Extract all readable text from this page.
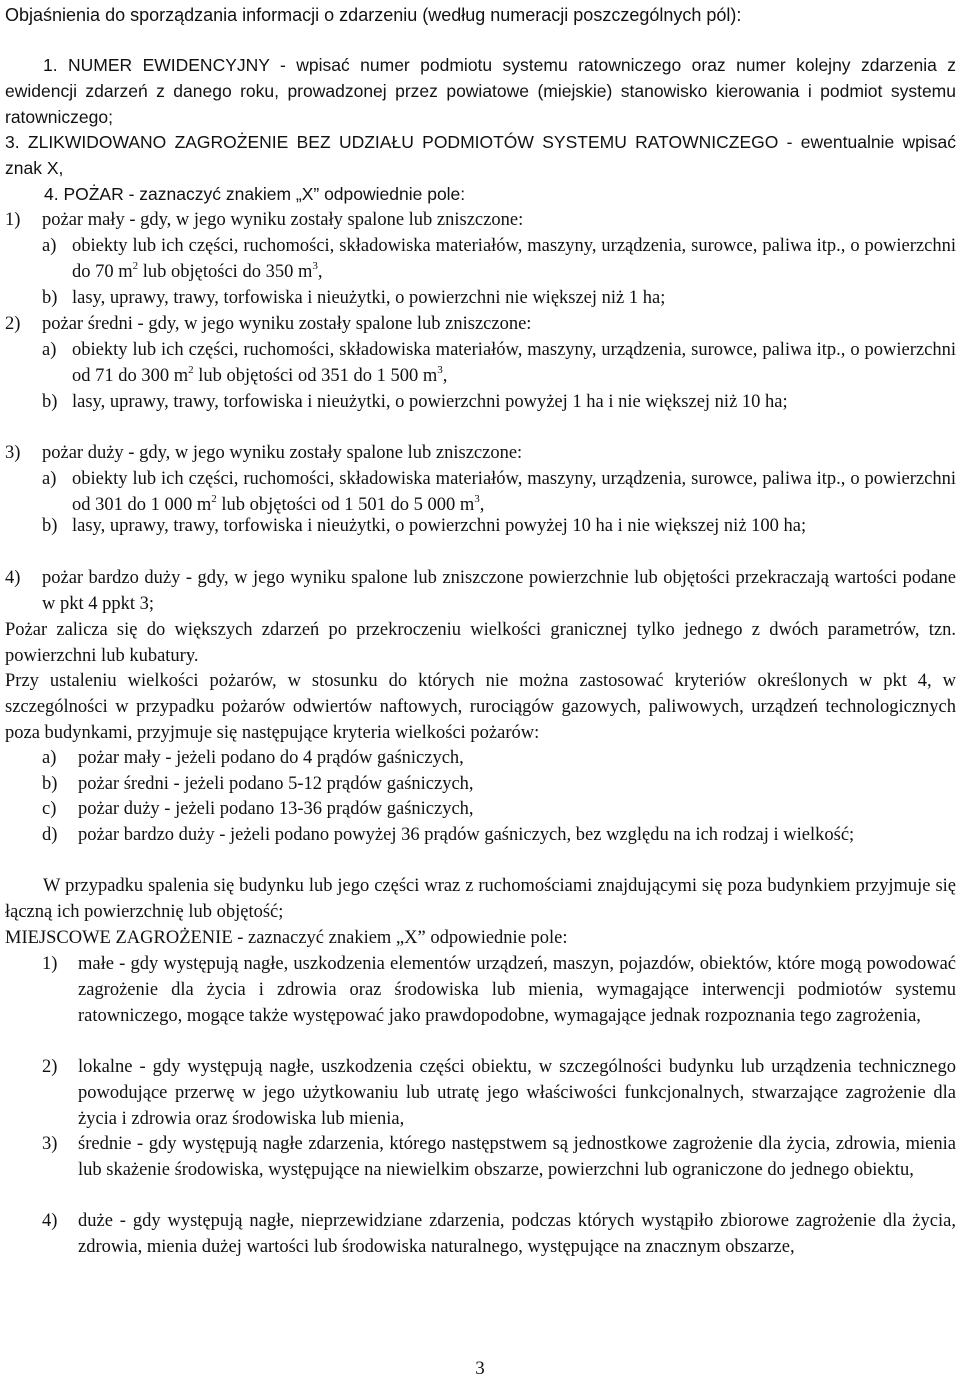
Objaśnienia do sporządzania informacji o zdarzeniu (według numeracji poszczególnych pól):
1. NUMER EWIDENCYJNY - wpisać numer podmiotu systemu ratowniczego oraz numer kolejny zdarzenia z ewidencji zdarzeń z danego roku, prowadzonej przez powiatowe (miejskie) stanowisko kierowania i podmiot systemu ratowniczego;
3. ZLIKWIDOWANO ZAGROŻENIE BEZ UDZIAŁU PODMIOTÓW SYSTEMU RATOWNICZEGO - ewentualnie wpisać znak X,
4. POŻAR - zaznaczyć znakiem „X” odpowiednie pole:
1) pożar mały - gdy, w jego wyniku zostały spalone lub zniszczone:
a) obiekty lub ich części, ruchomości, składowiska materiałów, maszyny, urządzenia, surowce, paliwa itp., o powierzchni do 70 $m^2$ lub objętości do 350 $m^3$,
b) lasy, uprawy, trawy, torfowiska i nieużytki, o powierzchni nie większej niż 1 ha;
2) pożar średni - gdy, w jego wyniku zostały spalone lub zniszczone:
a) obiekty lub ich części, ruchomości, składowiska materiałów, maszyny, urządzenia, surowce, paliwa itp., o powierzchni od 71 do 300 $m^2$ lub objętości od 351 do 1 500 $m^3$,
b) lasy, uprawy, trawy, torfowiska i nieużytki, o powierzchni powyżej 1 ha i nie większej niż 10 ha;
3) pożar duży - gdy, w jego wyniku zostały spalone lub zniszczone:
a) obiekty lub ich części, ruchomości, składowiska materiałów, maszyny, urządzenia, surowce, paliwa itp., o powierzchni od 301 do 1 000 $m^2$ lub objętości od 1 501 do 5 000 $m^3$,
b) lasy, uprawy, trawy, torfowiska i nieużytki, o powierzchni powyżej 10 ha i nie większej niż 100 ha;
4) pożar bardzo duży - gdy, w jego wyniku spalone lub zniszczone powierzchnie lub objętości przekraczają wartości podane w pkt 4 ppkt 3;
Pożar zalicza się do większych zdarzeń po przekroczeniu wielkości granicznej tylko jednego z dwóch parametrów, tzn. powierzchni lub kubatury.
Przy ustaleniu wielkości pożarów, w stosunku do których nie można zastosować kryteriów określonych w pkt 4, w szczególności w przypadku pożarów odwiertów naftowych, rurociągów gazowych, paliwowych, urządzeń technologicznych poza budynkami, przyjmuje się następujące kryteria wielkości pożarów:
a) pożar mały - jeżeli podano do 4 prądów gaśniczych,
b) pożar średni - jeżeli podano 5-12 prądów gaśniczych,
c) pożar duży - jeżeli podano 13-36 prądów gaśniczych,
d) pożar bardzo duży - jeżeli podano powyżej 36 prądów gaśniczych, bez względu na ich rodzaj i wielkość;
W przypadku spalenia się budynku lub jego części wraz z ruchomościami znajdującymi się poza budynkiem przyjmuje się łączną ich powierzchnię lub objętość;
MIEJSCOWE ZAGROŻENIE - zaznaczyć znakiem „X” odpowiednie pole:
1) małe - gdy występują nagłe, uszkodzenia elementów urządzeń, maszyn, pojazdów, obiektów, które mogą powodować zagrożenie dla życia i zdrowia oraz środowiska lub mienia, wymagające interwencji podmiotów systemu ratowniczego, mogące także występować jako prawdopodobne, wymagające jednak rozpoznania tego zagrożenia,
2) lokalne - gdy występują nagłe, uszkodzenia części obiektu, w szczególności budynku lub urządzenia technicznego powodujące przerwę w jego użytkowaniu lub utratę jego właściwości funkcjonalnych, stwarzające zagrożenie dla życia i zdrowia oraz środowiska lub mienia,
3) średnie - gdy występują nagłe zdarzenia, którego następstwem są jednostkowe zagrożenie dla życia, zdrowia, mienia lub skażenie środowiska, występujące na niewielkim obszarze, powierzchni lub ograniczone do jednego obiektu,
4) duże - gdy występują nagłe, nieprzewidziane zdarzenia, podczas których wystąpiło zbiorowe zagrożenie dla życia, zdrowia, mienia dużej wartości lub środowiska naturalnego, występujące na znacznym obszarze,
3
